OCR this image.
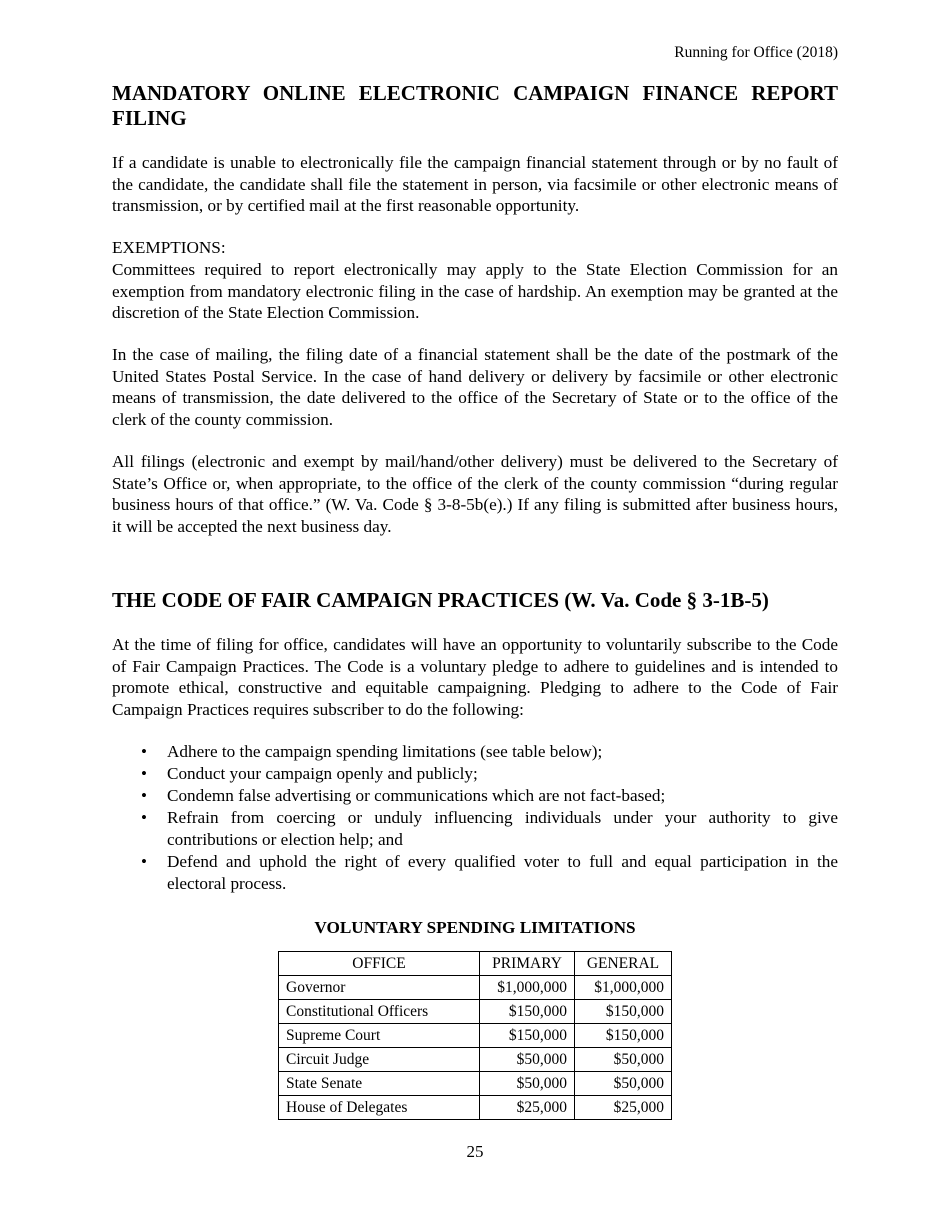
Running for Office (2018)
MANDATORY ONLINE ELECTRONIC CAMPAIGN FINANCE REPORT FILING

If a candidate is unable to electronically file the campaign financial statement through or by no fault of the candidate, the candidate shall file the statement in person, via facsimile or other electronic means of transmission, or by certified mail at the first reasonable opportunity.

EXEMPTIONS:

Committees required to report electronically may apply to the State Election Commission for an exemption from mandatory electronic filing in the case of hardship. An exemption may be granted at the discretion of the State Election Commission.

In the case of mailing, the filing date of a financial statement shall be the date of the postmark of the United States Postal Service. In the case of hand delivery or delivery by facsimile or other electronic means of transmission, the date delivered to the office of the Secretary of State or to the office of the clerk of the county commission.

All filings (electronic and exempt by mail/hand/other delivery) must be delivered to the Secretary of State’s Office or, when appropriate, to the office of the clerk of the county commission “during regular business hours of that office.” (W. Va. Code § 3-8-5b(e).) If any filing is submitted after business hours, it will be accepted the next business day.

THE CODE OF FAIR CAMPAIGN PRACTICES (W. Va. Code § 3-1B-5)

At the time of filing for office, candidates will have an opportunity to voluntarily subscribe to the Code of Fair Campaign Practices. The Code is a voluntary pledge to adhere to guidelines and is intended to promote ethical, constructive and equitable campaigning. Pledging to adhere to the Code of Fair Campaign Practices requires subscriber to do the following:

• Adhere to the campaign spending limitations (see table below);
• Conduct your campaign openly and publicly;
• Condemn false advertising or communications which are not fact-based;
• Refrain from coercing or unduly influencing individuals under your authority to give contributions or election help; and
• Defend and uphold the right of every qualified voter to full and equal participation in the electoral process.
VOLUNTARY SPENDING LIMITATIONS
OFFICE	PRIMARY	GENERAL
Governor	$1,000,000	$1,000,000
Constitutional Officers	$150,000	$150,000
Supreme Court	$150,000	$150,000
Circuit Judge	$50,000	$50,000
State Senate	$50,000	$50,000
House of Delegates	$25,000	$25,000
25
